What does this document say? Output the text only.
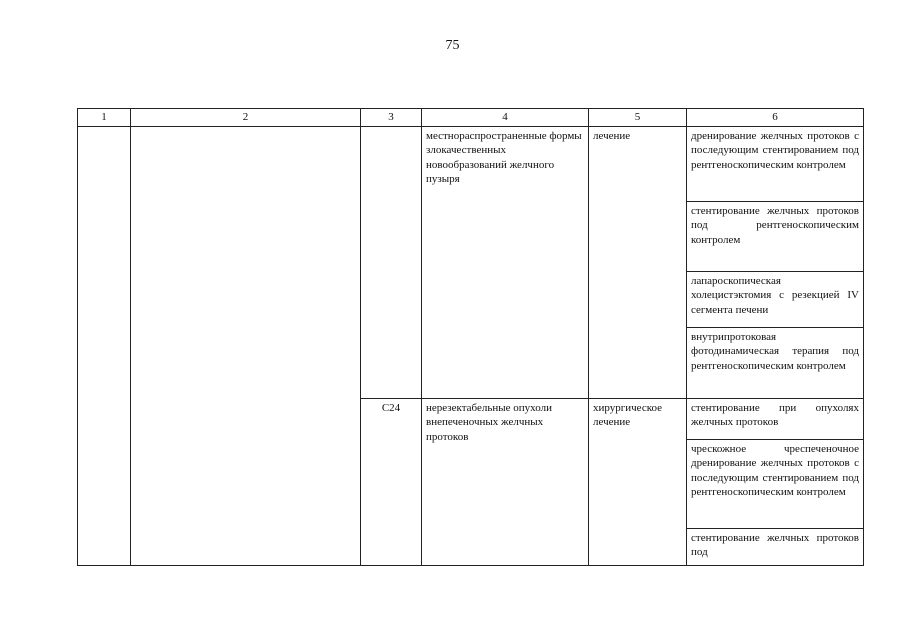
75
1	2	3	4	5	6
			местнораспространенные формы злокачественных новообразований желчного пузыря	лечение	дренирование желчных протоков с последующим стентированием под рентгеноскопическим контролем
					стентирование желчных протоков под рентгеноскопическим контролем
					лапароскопическая холецистэктомия с резекцией IV сегмента печени
					внутрипротоковая фотодинамическая терапия под рентгеноскопическим контролем
		C24	нерезектабельные опухоли внепеченочных желчных протоков	хирургическое лечение	стентирование при опухолях желчных протоков
					чрескожное чреспеченочное дренирование желчных протоков с последующим стентированием под рентгеноскопическим контролем
					стентирование желчных протоков под
